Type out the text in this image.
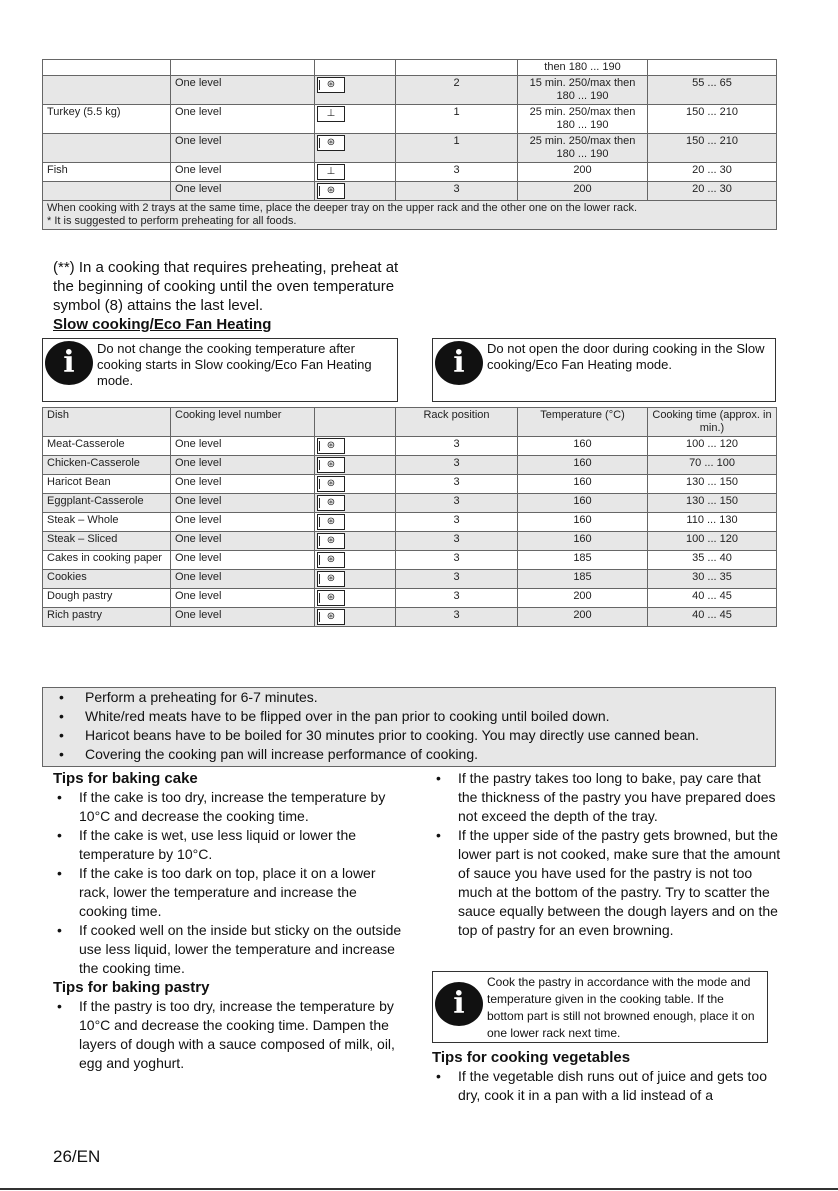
				then 180 ... 190	
	One level	⊛	2	15 min. 250/max then 180 ... 190	55 ... 65
Turkey (5.5 kg)	One level	⊥	1	25 min. 250/max then 180 ... 190	150 ... 210
	One level	⊛	1	25 min. 250/max then 180 ... 190	150 ... 210
Fish	One level	⊥	3	200	20 ... 30
	One level	⊛	3	200	20 ... 30

When cooking with 2 trays at the same time, place the deeper tray on the upper rack and the other one on the lower rack.
* It is suggested to perform preheating for all foods.					
(**) In a cooking that requires preheating, preheat at the beginning of cooking until the oven temperature symbol (8) attains the last level.
Slow cooking/Eco Fan Heating
i	Do not change the cooking temperature after cooking starts in Slow cooking/Eco Fan Heating mode.
i	Do not open the door during cooking in the Slow cooking/Eco Fan Heating mode.
Dish	Cooking level number		Rack position	Temperature (°C)	Cooking time (approx. in min.)
Meat-Casserole	One level	⊛	3	160	100 ... 120
Chicken-Casserole	One level	⊛	3	160	70 ... 100
Haricot Bean	One level	⊛	3	160	130 ... 150
Eggplant-Casserole	One level	⊛	3	160	130 ... 150
Steak – Whole	One level	⊛	3	160	110 ... 130
Steak – Sliced	One level	⊛	3	160	100 ... 120
Cakes in cooking paper	One level	⊛	3	185	35 ... 40
Cookies	One level	⊛	3	185	30 ... 35
Dough pastry	One level	⊛	3	200	40 ... 45
Rich pastry	One level	⊛	3	200	40 ... 45
• Perform a preheating for 6-7 minutes.
• White/red meats have to be flipped over in the pan prior to cooking until boiled down.
• Haricot beans have to be boiled for 30 minutes prior to cooking. You may directly use canned bean.
• Covering the cooking pan will increase performance of cooking.
Tips for baking cake
• If the cake is too dry, increase the temperature by 10°C and decrease the cooking time.
• If the cake is wet, use less liquid or lower the temperature by 10°C.
• If the cake is too dark on top, place it on a lower rack, lower the temperature and increase the cooking time.
• If cooked well on the inside but sticky on the outside use less liquid, lower the temperature and increase the cooking time.
Tips for baking pastry
• If the pastry is too dry, increase the temperature by 10°C and decrease the cooking time. Dampen the layers of dough with a sauce composed of milk, oil, egg and yoghurt.
• If the pastry takes too long to bake, pay care that the thickness of the pastry you have prepared does not exceed the depth of the tray.
• If the upper side of the pastry gets browned, but the lower part is not cooked, make sure that the amount of sauce you have used for the pastry is not too much at the bottom of the pastry. Try to scatter the sauce equally between the dough layers and on the top of pastry for an even browning.
i
Cook the pastry in accordance with the mode and temperature given in the cooking table. If the bottom part is still not browned enough, place it on one lower rack next time.
Tips for cooking vegetables
• If the vegetable dish runs out of juice and gets too dry, cook it in a pan with a lid instead of a
26/EN
